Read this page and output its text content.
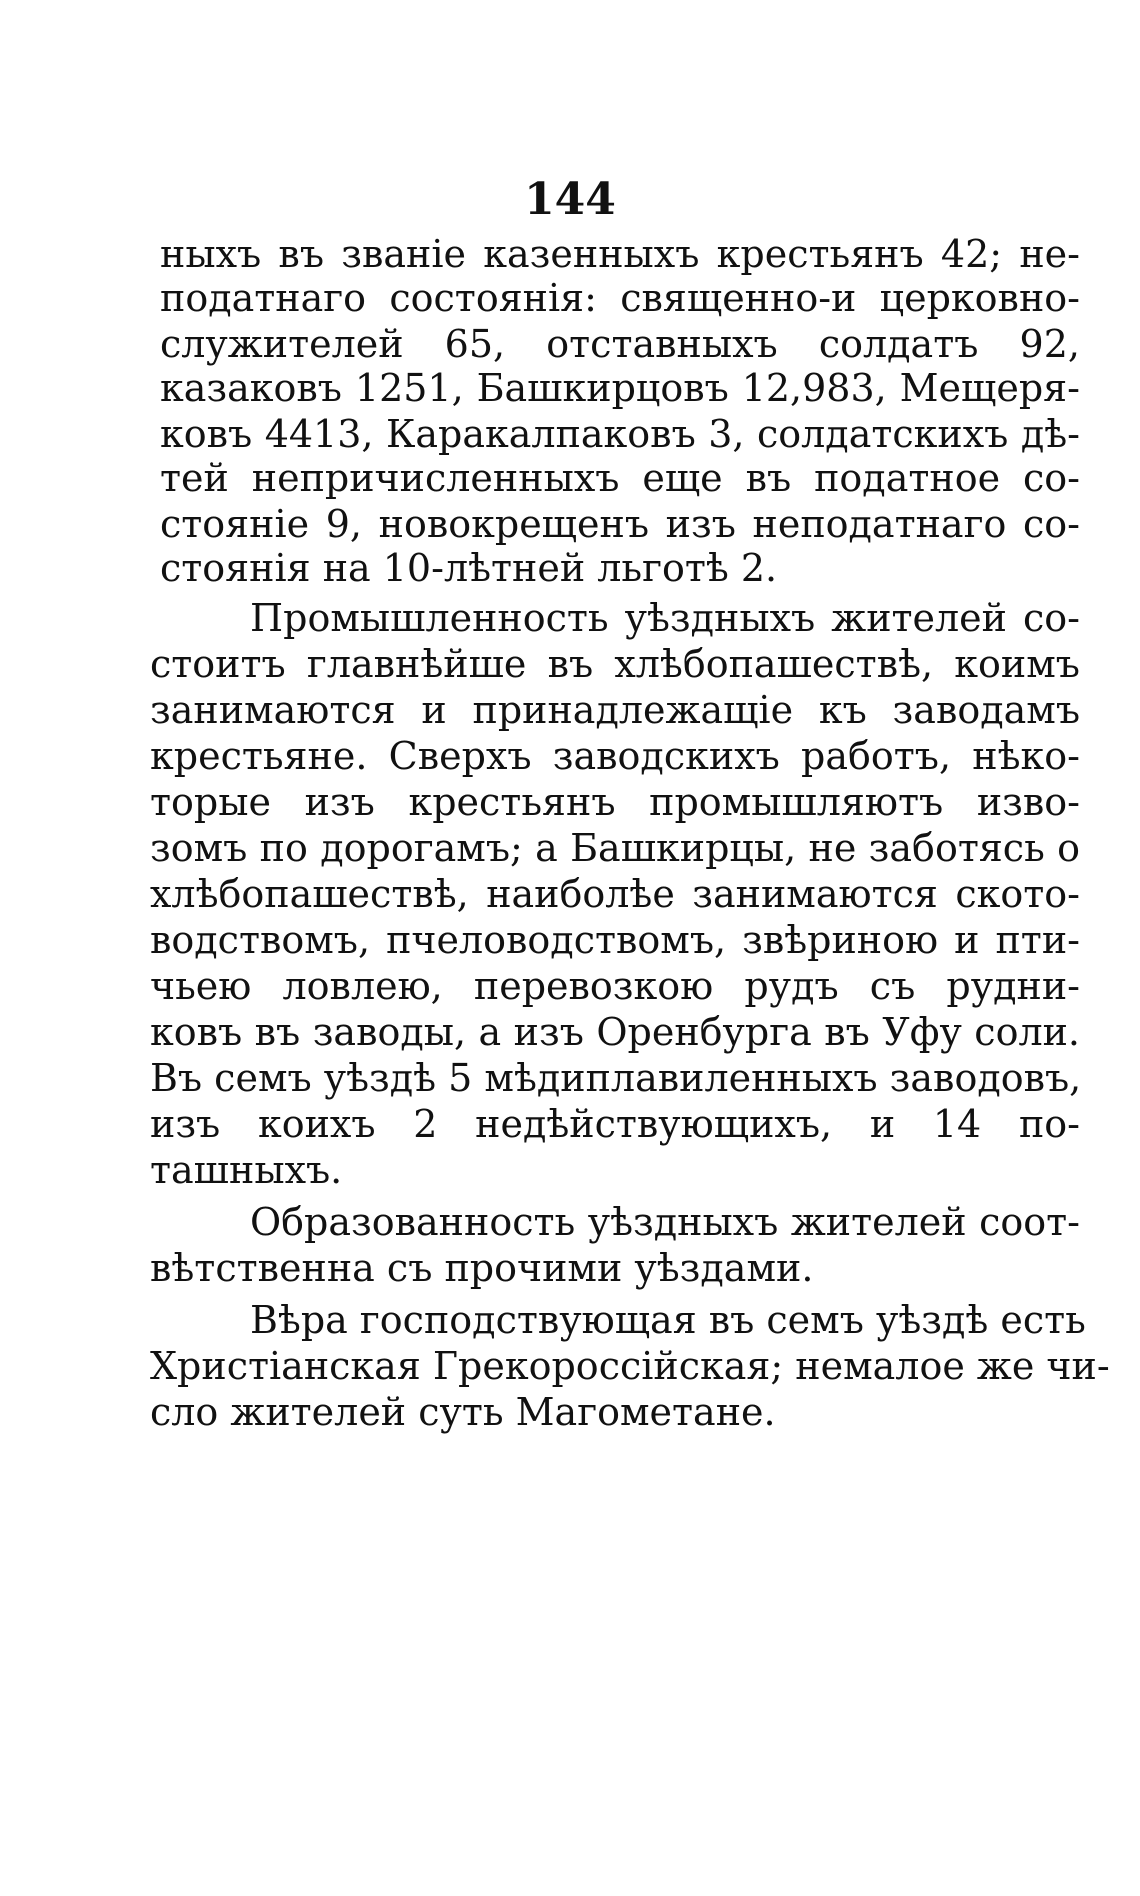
144
ныхъ въ званіе казенныхъ крестьянъ 42; не-
податнаго состоянія: священно-и церковно-
служителей 65, отставныхъ солдатъ 92,
казаковъ 1251, Башкирцовъ 12,983, Мещеря-
ковъ 4413, Каракалпаковъ 3, солдатскихъ дѣ-
тей непричисленныхъ еще въ податное со-
стояніе 9, новокрещенъ изъ неподатнаго со-
стоянія на 10-лѣтней льготѣ 2.
Промышленность уѣздныхъ жителей со-
стоитъ главнѣйше въ хлѣбопашествѣ, коимъ
занимаются и принадлежащіе къ заводамъ
крестьяне. Сверхъ заводскихъ работъ, нѣко-
торые изъ крестьянъ промышляютъ изво-
зомъ по дорогамъ; а Башкирцы, не заботясь о
хлѣбопашествѣ, наиболѣе занимаются ското-
водствомъ, пчеловодствомъ, звѣриною и пти-
чьею ловлею, перевозкою рудъ съ рудни-
ковъ въ заводы, а изъ Оренбурга въ Уфу соли.
Въ семъ уѣздѣ 5 мѣдиплавиленныхъ заводовъ,
изъ коихъ 2 недѣйствующихъ, и 14 по-
ташныхъ.
Образованность уѣздныхъ жителей соот-
вѣтственна съ прочими уѣздами.
Вѣра господствующая въ семъ уѣздѣ есть
Христіанская Грекороссійская; немалое же чи-
сло жителей суть Магометане.
